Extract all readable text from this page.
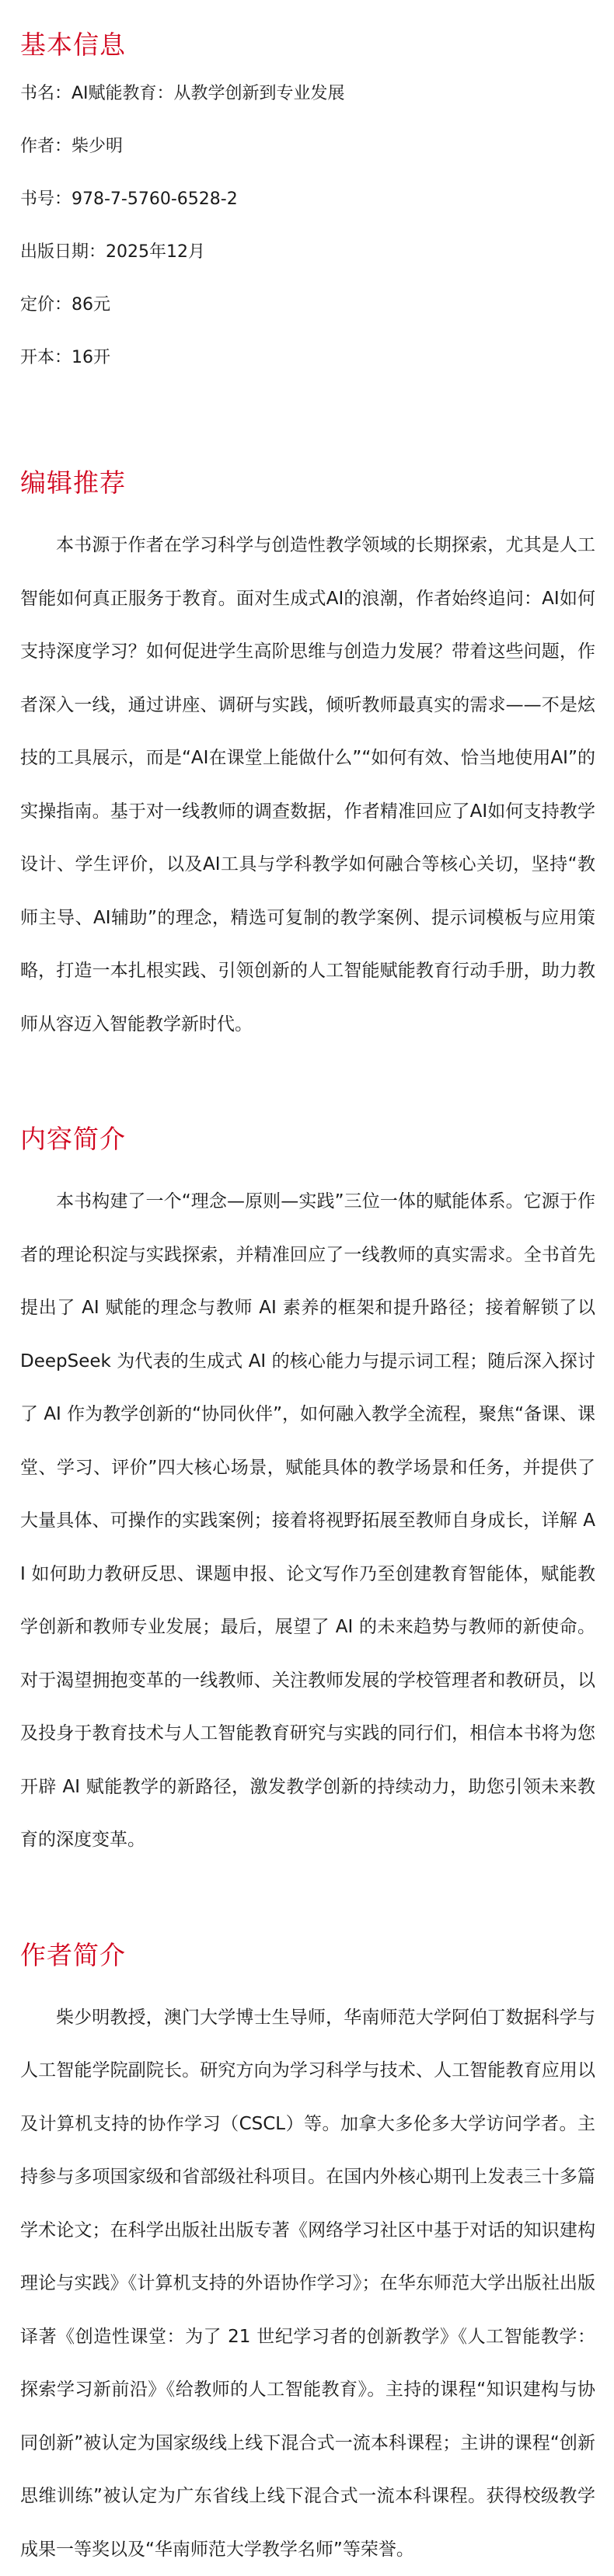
基本信息
书名：AI赋能教育：从教学创新到专业发展
作者：柴少明
书号：978-7-5760-6528-2
出版日期：2025年12月
定价：86元
开本：16开
编辑推荐

本书源于作者在学习科学与创造性教学领域的长期探索，尤其是人工智能如何真正服务于教育。面对生成式AI的浪潮，作者始终追问：AI如何支持深度学习？如何促进学生高阶思维与创造力发展？带着这些问题，作者深入一线，通过讲座、调研与实践，倾听教师最真实的需求——不是炫技的工具展示，而是“AI在课堂上能做什么”“如何有效、恰当地使用AI”的实操指南。基于对一线教师的调查数据，作者精准回应了AI如何支持教学设计、学生评价，以及AI工具与学科教学如何融合等核心关切，坚持“教师主导、AI辅助”的理念，精选可复制的教学案例、提示词模板与应用策略，打造一本扎根实践、引领创新的人工智能赋能教育行动手册，助力教师从容迈入智能教学新时代。

内容简介

本书构建了一个“理念—原则—实践”三位一体的赋能体系。它源于作者的理论积淀与实践探索，并精准回应了一线教师的真实需求。全书首先提出了 AI 赋能的理念与教师 AI 素养的框架和提升路径；接着解锁了以 DeepSeek 为代表的生成式 AI 的核心能力与提示词工程；随后深入探讨了 AI 作为教学创新的“协同伙伴”，如何融入教学全流程，聚焦“备课、课堂、学习、评价”四大核心场景，赋能具体的教学场景和任务，并提供了大量具体、可操作的实践案例；接着将视野拓展至教师自身成长，详解 AI 如何助力教研反思、课题申报、论文写作乃至创建教育智能体，赋能教学创新和教师专业发展；最后，展望了 AI 的未来趋势与教师的新使命。对于渴望拥抱变革的一线教师、关注教师发展的学校管理者和教研员，以及投身于教育技术与人工智能教育研究与实践的同行们，相信本书将为您开辟 AI 赋能教学的新路径，激发教学创新的持续动力，助您引领未来教育的深度变革。

作者简介

柴少明教授，澳门大学博士生导师，华南师范大学阿伯丁数据科学与人工智能学院副院长。研究方向为学习科学与技术、人工智能教育应用以及计算机支持的协作学习（CSCL）等。加拿大多伦多大学访问学者。主持参与多项国家级和省部级社科项目。在国内外核心期刊上发表三十多篇学术论文；在科学出版社出版专著《网络学习社区中基于对话的知识建构理论与实践》《计算机支持的外语协作学习》；在华东师范大学出版社出版译著《创造性课堂：为了 21 世纪学习者的创新教学》《人工智能教学：探索学习新前沿》《给教师的人工智能教育》。主持的课程“知识建构与协同创新”被认定为国家级线上线下混合式一流本科课程；主讲的课程“创新思维训练”被认定为广东省线上线下混合式一流本科课程。获得校级教学成果一等奖以及“华南师范大学教学名师”等荣誉。
